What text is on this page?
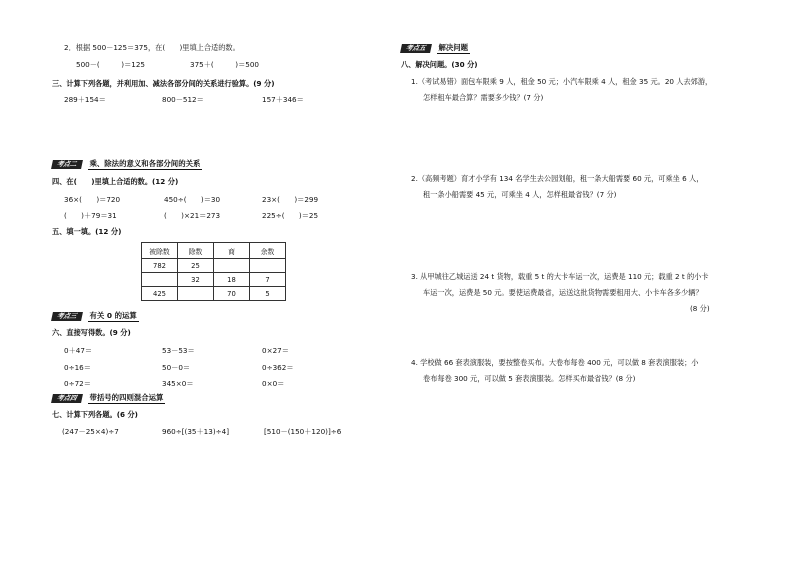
2．根据 500－125＝375，在(　　)里填上合适的数。
500－(　　　)＝125	375＋(　　　)＝500
三、计算下列各题，并利用加、减法各部分间的关系进行验算。(9 分)
289＋154＝	800－512＝	157＋346＝
考点二	乘、除法的意义和各部分间的关系
四、在(　　)里填上合适的数。(12 分)
36×(　　)＝720	450÷(　　)＝30	23×(　　)＝299
(　　)＋79＝31	(　　)×21＝273	225÷(　　)＝25
五、填一填。(12 分)
被除数	除数	商	余数
782	25		
	32	18	7
425		70	5
考点三	有关 0 的运算
六、直接写得数。(9 分)
0＋47＝	53－53＝	0×27＝
0÷16＝	50－0＝	0÷362＝
0÷72＝	345×0＝	0×0＝
考点四	带括号的四则混合运算
七、计算下列各题。(6 分)
(247－25×4)÷7	960÷[(35＋13)÷4]	[510－(150＋120)]÷6
考点五	解决问题
八、解决问题。(30 分)
1.（考试易错）面包车限乘 9 人，租金 50 元；小汽车限乘 4 人，租金 35 元。20 人去郊游，
怎样租车最合算？需要多少钱？(7 分)
2.（高频考题）育才小学有 134 名学生去公园划船，租一条大船需要 60 元，可乘坐 6 人，
租一条小船需要 45 元，可乘坐 4 人，怎样租最省钱？(7 分)
3. 从甲城往乙城运送 24 t 货物，载重 5 t 的大卡车运一次，运费是 110 元；载重 2 t 的小卡
车运一次，运费是 50 元。要使运费最省，运送这批货物需要租用大、小卡车各多少辆？
(8 分)
4. 学校做 66 套表演服装，要按整卷买布。大卷布每卷 400 元，可以做 8 套表演服装；小
卷布每卷 300 元，可以做 5 套表演服装。怎样买布最省钱？(8 分)
